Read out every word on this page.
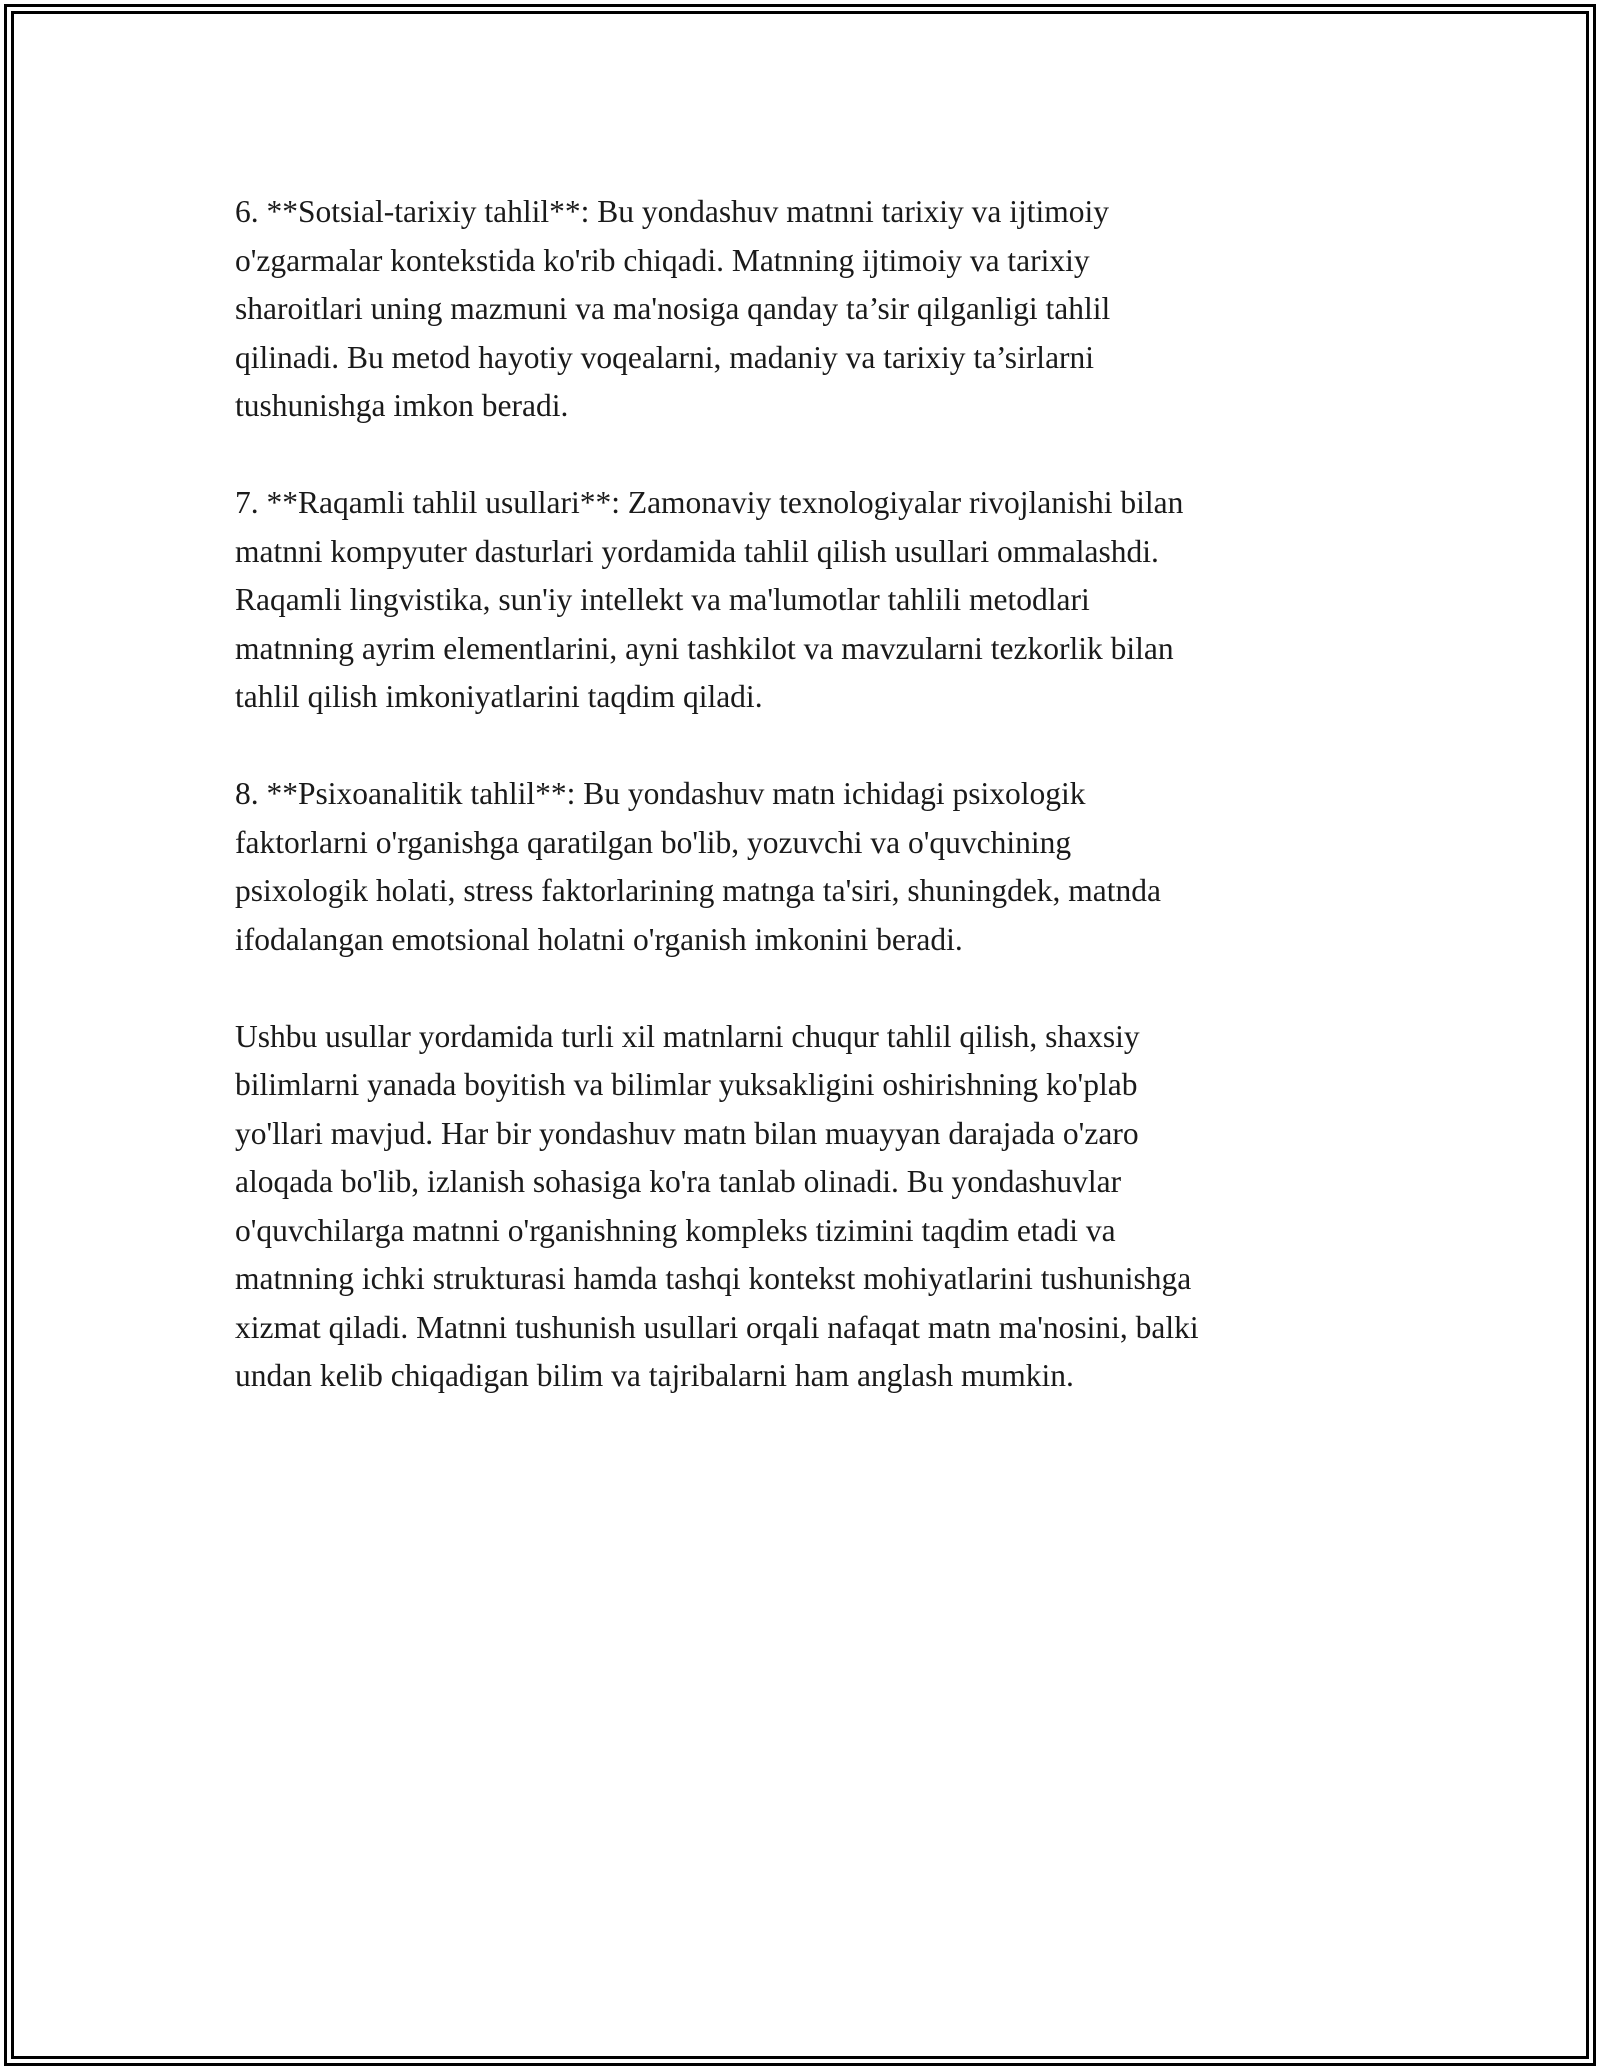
6. **Sotsial-tarixiy tahlil**: Bu yondashuv matnni tarixiy va ijtimoiy
o'zgarmalar kontekstida ko'rib chiqadi. Matnning ijtimoiy va tarixiy
sharoitlari uning mazmuni va ma'nosiga qanday ta’sir qilganligi tahlil
qilinadi. Bu metod hayotiy voqealarni, madaniy va tarixiy ta’sirlarni
tushunishga imkon beradi.

7. **Raqamli tahlil usullari**: Zamonaviy texnologiyalar rivojlanishi bilan
matnni kompyuter dasturlari yordamida tahlil qilish usullari ommalashdi.
Raqamli lingvistika, sun'iy intellekt va ma'lumotlar tahlili metodlari
matnning ayrim elementlarini, ayni tashkilot va mavzularni tezkorlik bilan
tahlil qilish imkoniyatlarini taqdim qiladi.

8. **Psixoanalitik tahlil**: Bu yondashuv matn ichidagi psixologik
faktorlarni o'rganishga qaratilgan bo'lib, yozuvchi va o'quvchining
psixologik holati, stress faktorlarining matnga ta'siri, shuningdek, matnda
ifodalangan emotsional holatni o'rganish imkonini beradi.

Ushbu usullar yordamida turli xil matnlarni chuqur tahlil qilish, shaxsiy
bilimlarni yanada boyitish va bilimlar yuksakligini oshirishning ko'plab
yo'llari mavjud. Har bir yondashuv matn bilan muayyan darajada o'zaro
aloqada bo'lib, izlanish sohasiga ko'ra tanlab olinadi. Bu yondashuvlar
o'quvchilarga matnni o'rganishning kompleks tizimini taqdim etadi va
matnning ichki strukturasi hamda tashqi kontekst mohiyatlarini tushunishga
xizmat qiladi. Matnni tushunish usullari orqali nafaqat matn ma'nosini, balki
undan kelib chiqadigan bilim va tajribalarni ham anglash mumkin.
